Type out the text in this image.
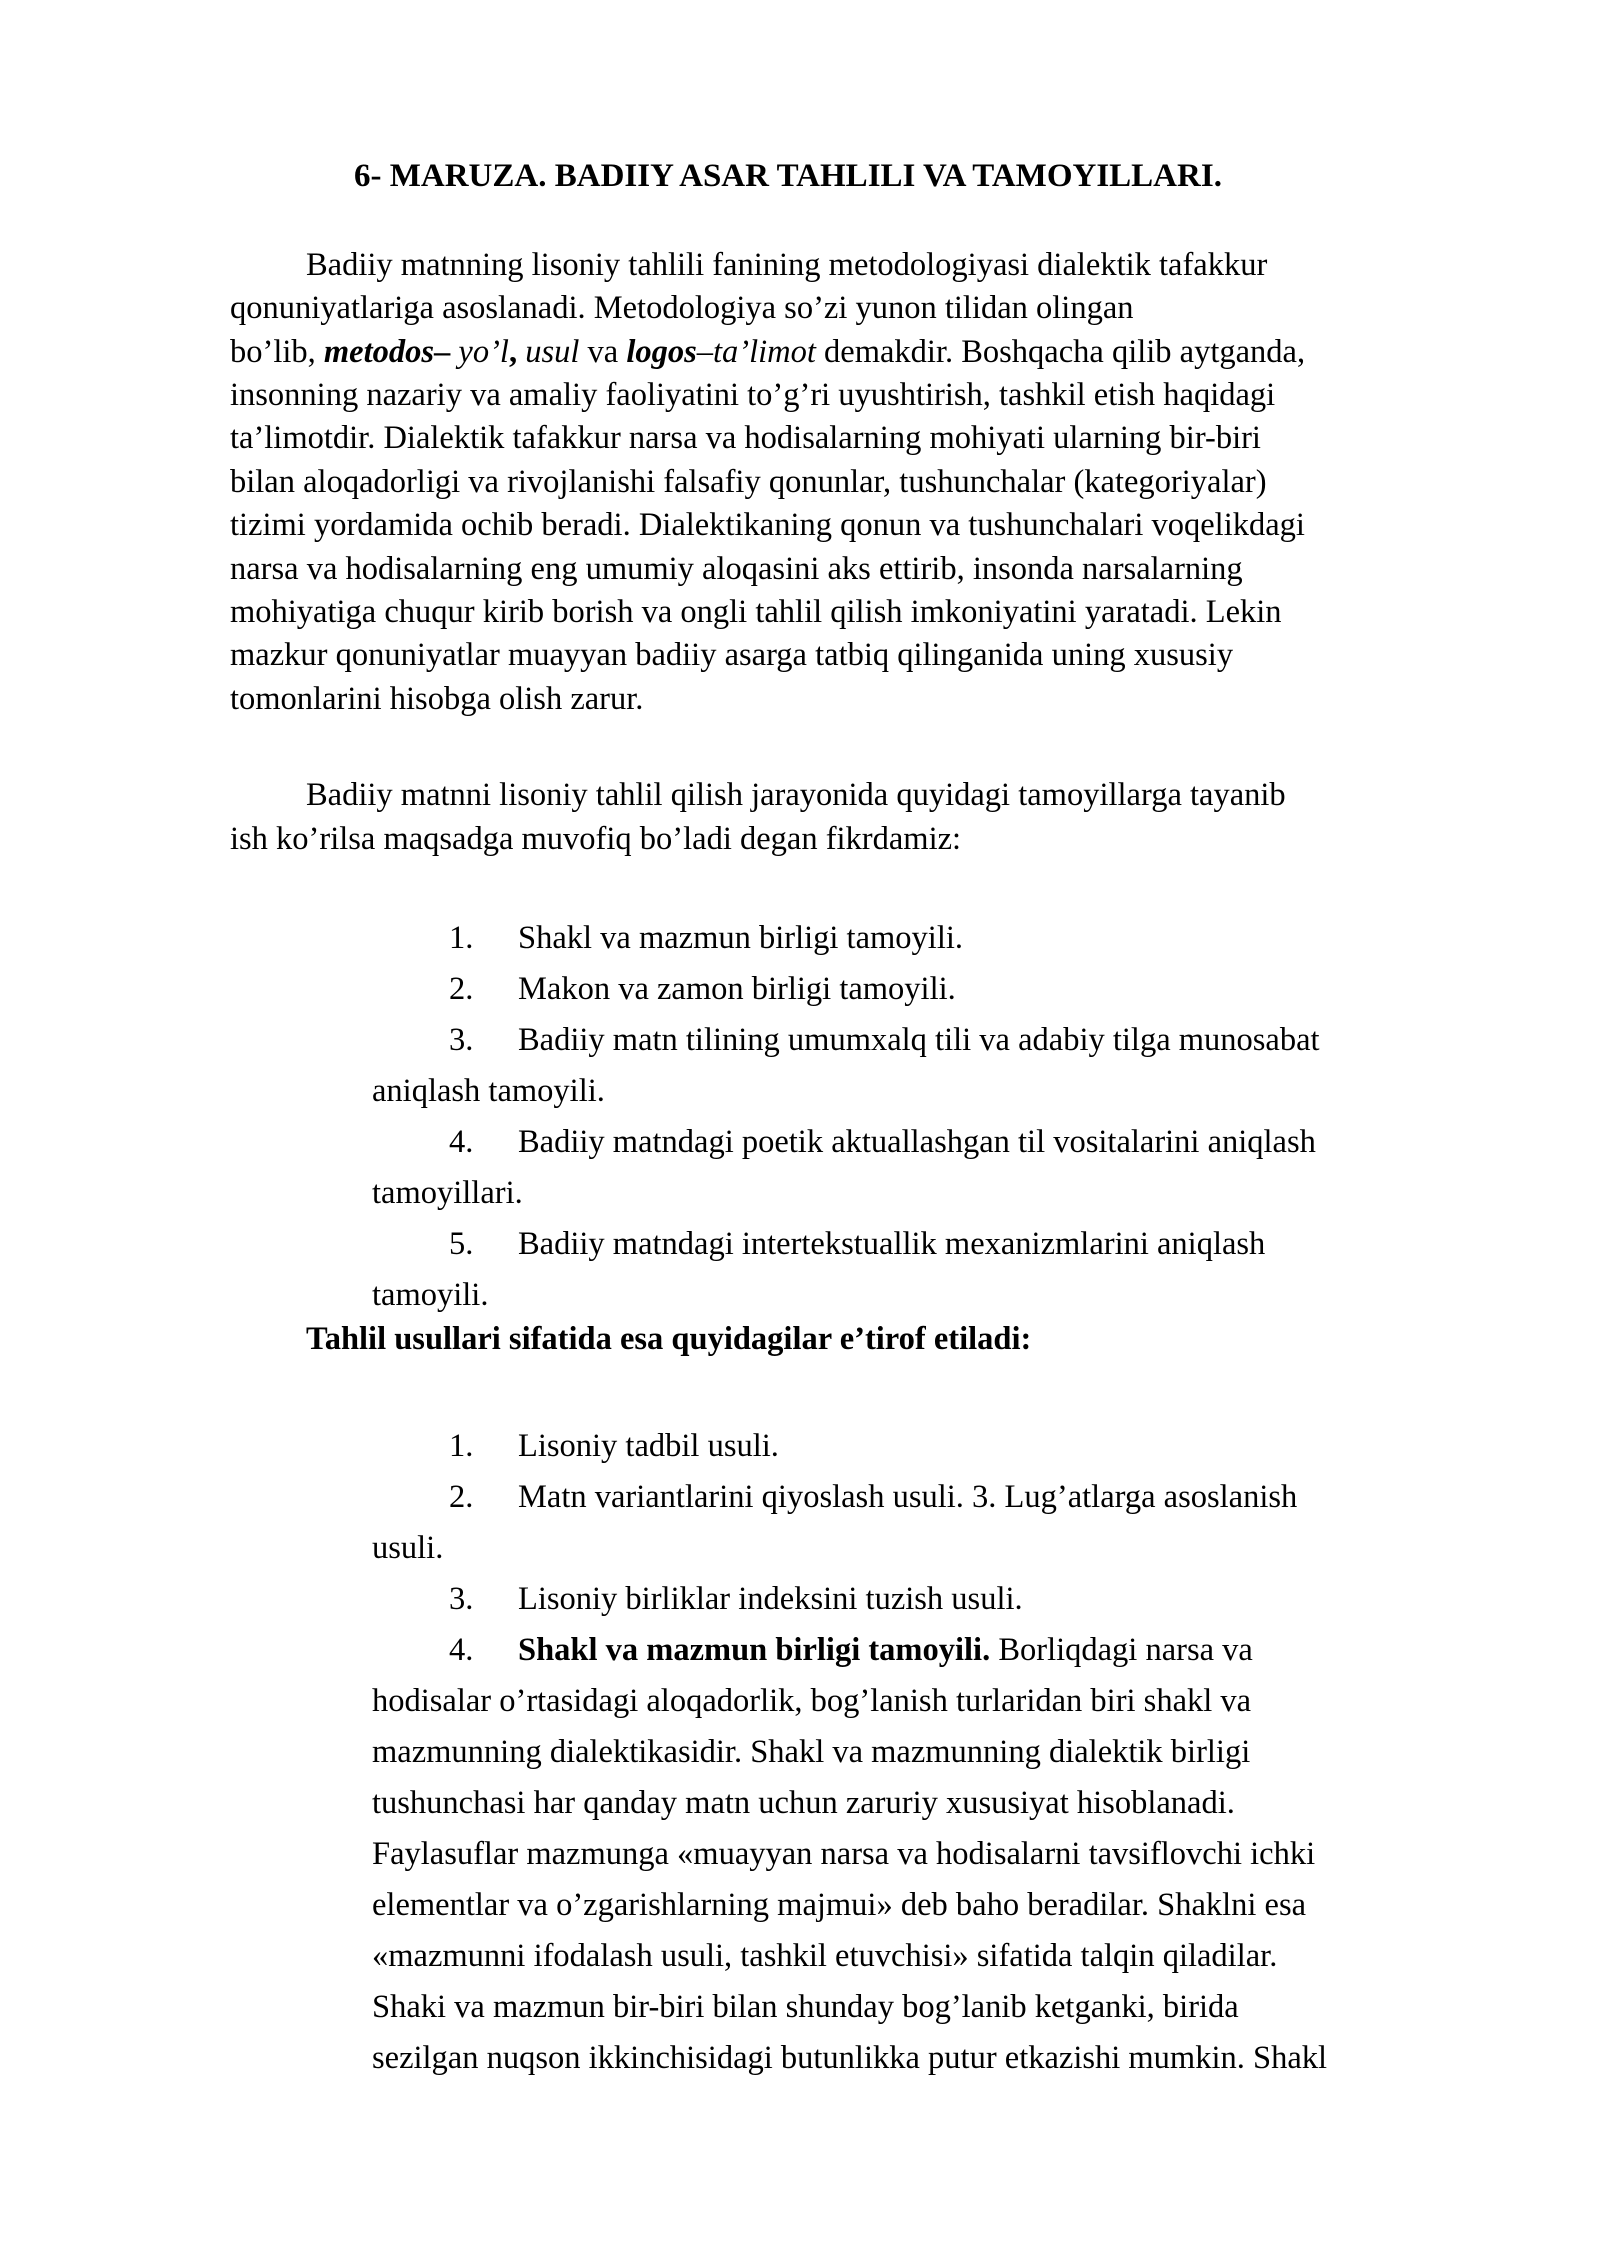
6- MARUZA. BADIIY ASAR TAHLILI VA TAMOYILLARI.
Badiiy matnning lisoniy tahlili fanining metodologiyasi dialektik tafakkur
qonuniyatlariga asoslanadi. Metodologiya so’zi yunon tilidan olingan
bo’lib, metodos– yo’l, usul va logos–ta’limot demakdir. Boshqacha qilib aytganda,
insonning nazariy va amaliy faoliyatini to’g’ri uyushtirish, tashkil etish haqidagi
ta’limotdir. Dialektik tafakkur narsa va hodisalarning mohiyati ularning bir-biri
bilan aloqadorligi va rivojlanishi falsafiy qonunlar, tushunchalar (kategoriyalar)
tizimi yordamida ochib beradi. Dialektikaning qonun va tushunchalari voqelikdagi
narsa va hodisalarning eng umumiy aloqasini aks ettirib, insonda narsalarning
mohiyatiga chuqur kirib borish va ongli tahlil qilish imkoniyatini yaratadi. Lekin
mazkur qonuniyatlar muayyan badiiy asarga tatbiq qilinganida uning xususiy
tomonlarini hisobga olish zarur.
Badiiy matnni lisoniy tahlil qilish jarayonida quyidagi tamoyillarga tayanib
ish ko’rilsa maqsadga muvofiq bo’ladi degan fikrdamiz:
1. Shakl va mazmun birligi tamoyili.
2. Makon va zamon birligi tamoyili.
3. Badiiy matn tilining umumxalq tili va adabiy tilga munosabat
aniqlash tamoyili.
4. Badiiy matndagi poetik aktuallashgan til vositalarini aniqlash
tamoyillari.
5. Badiiy matndagi intertekstuallik mexanizmlarini aniqlash
tamoyili.
Tahlil usullari sifatida esa quyidagilar e’tirof etiladi:
1. Lisoniy tadbil usuli.
2. Matn variantlarini qiyoslash usuli. 3. Lug’atlarga asoslanish
usuli.
3. Lisoniy birliklar indeksini tuzish usuli.
4. Shakl va mazmun birligi tamoyili. Borliqdagi narsa va
hodisalar o’rtasidagi aloqadorlik, bog’lanish turlaridan biri shakl va
mazmunning dialektikasidir. Shakl va mazmunning dialektik birligi
tushunchasi har qanday matn uchun zaruriy xususiyat hisoblanadi.
Faylasuflar mazmunga «muayyan narsa va hodisalarni tavsiflovchi ichki
elementlar va o’zgarishlarning majmui» deb baho beradilar. Shaklni esa
«mazmunni ifodalash usuli, tashkil etuvchisi» sifatida talqin qiladilar.
Shaki va mazmun bir-biri bilan shunday bog’lanib ketganki, birida
sezilgan nuqson ikkinchisidagi butunlikka putur etkazishi mumkin. Shakl
